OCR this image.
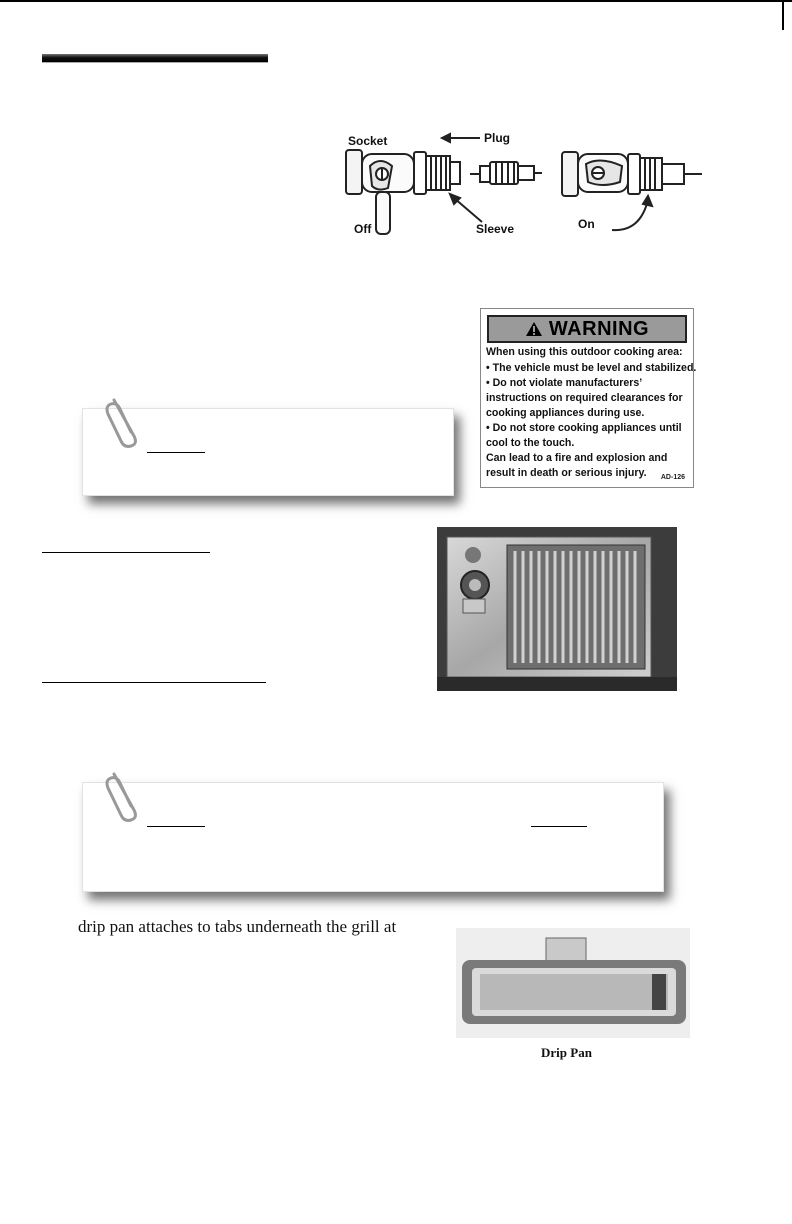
Socket	Plug
Sleeve
Off	On
WARNING
When using this outdoor cooking area:
• The vehicle must be level and stabilized.
• Do not violate manufacturers’
instructions on required clearances for
cooking appliances during use.
• Do not store cooking appliances until
cool to the touch.
Can lead to a fire and explosion and
result in death or serious injury. AD-126
drip pan attaches to tabs underneath the grill at
Drip Pan
